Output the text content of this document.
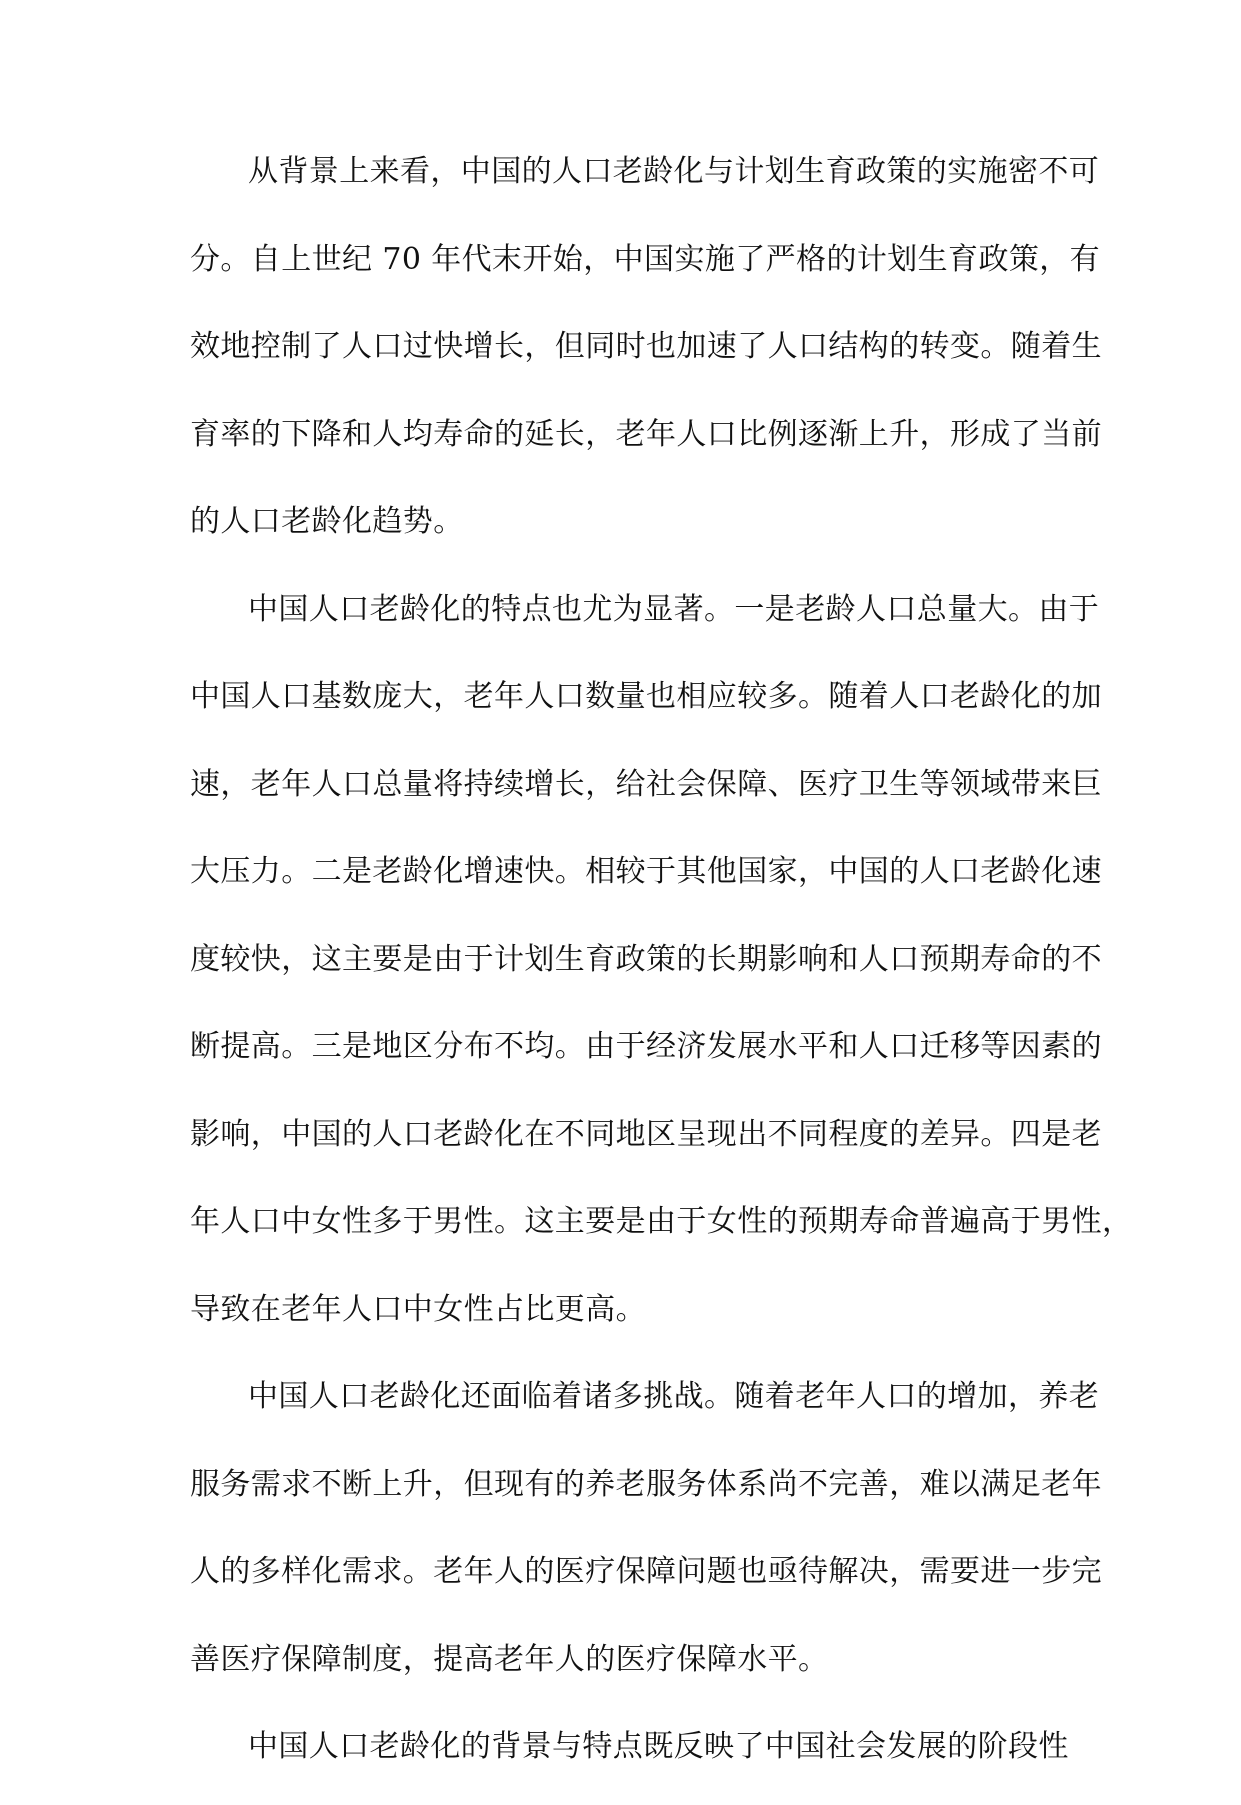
从背景上来看，中国的人口老龄化与计划生育政策的实施密不可
分。自上世纪 70 年代末开始，中国实施了严格的计划生育政策，有
效地控制了人口过快增长，但同时也加速了人口结构的转变。随着生
育率的下降和人均寿命的延长，老年人口比例逐渐上升，形成了当前
的人口老龄化趋势。
中国人口老龄化的特点也尤为显著。一是老龄人口总量大。由于
中国人口基数庞大，老年人口数量也相应较多。随着人口老龄化的加
速，老年人口总量将持续增长，给社会保障、医疗卫生等领域带来巨
大压力。二是老龄化增速快。相较于其他国家，中国的人口老龄化速
度较快，这主要是由于计划生育政策的长期影响和人口预期寿命的不
断提高。三是地区分布不均。由于经济发展水平和人口迁移等因素的
影响，中国的人口老龄化在不同地区呈现出不同程度的差异。四是老
年人口中女性多于男性。这主要是由于女性的预期寿命普遍高于男性，
导致在老年人口中女性占比更高。
中国人口老龄化还面临着诸多挑战。随着老年人口的增加，养老
服务需求不断上升，但现有的养老服务体系尚不完善，难以满足老年
人的多样化需求。老年人的医疗保障问题也亟待解决，需要进一步完
善医疗保障制度，提高老年人的医疗保障水平。
中国人口老龄化的背景与特点既反映了中国社会发展的阶段性
